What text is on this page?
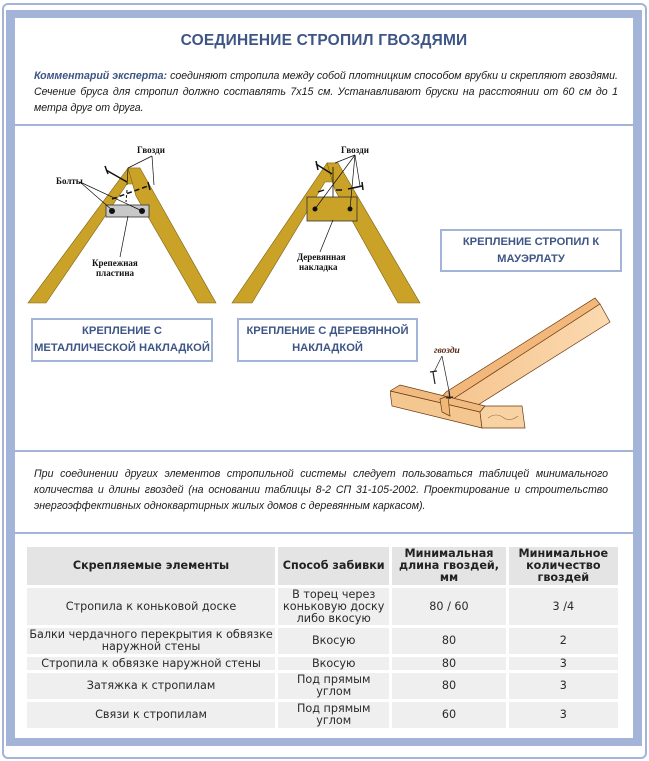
СОЕДИНЕНИЕ СТРОПИЛ ГВОЗДЯМИ
Комментарий эксперта: соединяют стропила между собой плотницким способом врубки и скрепляют гвоздями. Сечение бруса для стропил должно составлять 7х15 см. Устанавливают бруски на расстоянии от 60 см до 1 метра друг от друга.
Гвозди
Болты
Крепежная
пластина
Гвозди
Деревянная
накладка
КРЕПЛЕНИЕ С
МЕТАЛЛИЧЕСКОЙ НАКЛАДКОЙ
КРЕПЛЕНИЕ С ДЕРЕВЯННОЙ
НАКЛАДКОЙ
КРЕПЛЕНИЕ СТРОПИЛ К
МАУЭРЛАТУ
гвозди
При соединении других элементов стропильной системы следует пользоваться таблицей минимального количества и длины гвоздей (на основании таблицы 8-2 СП 31-105-2002. Проектирование и строительство энергоэффективных одноквартирных жилых домов с деревянным каркасом).
Скрепляемые элементы	Способ забивки	Минимальная длина гвоздей, мм	Минимальное количество гвоздей
Стропила к коньковой доске	В торец через коньковую доску либо вкосую	80 / 60	3 /4
Балки чердачного перекрытия к обвязке наружной стены	Вкосую	80	2
Стропила к обвязке наружной стены	Вкосую	80	3
Затяжка к стропилам	Под прямым углом	80	3
Связи к стропилам	Под прямым углом	60	3
